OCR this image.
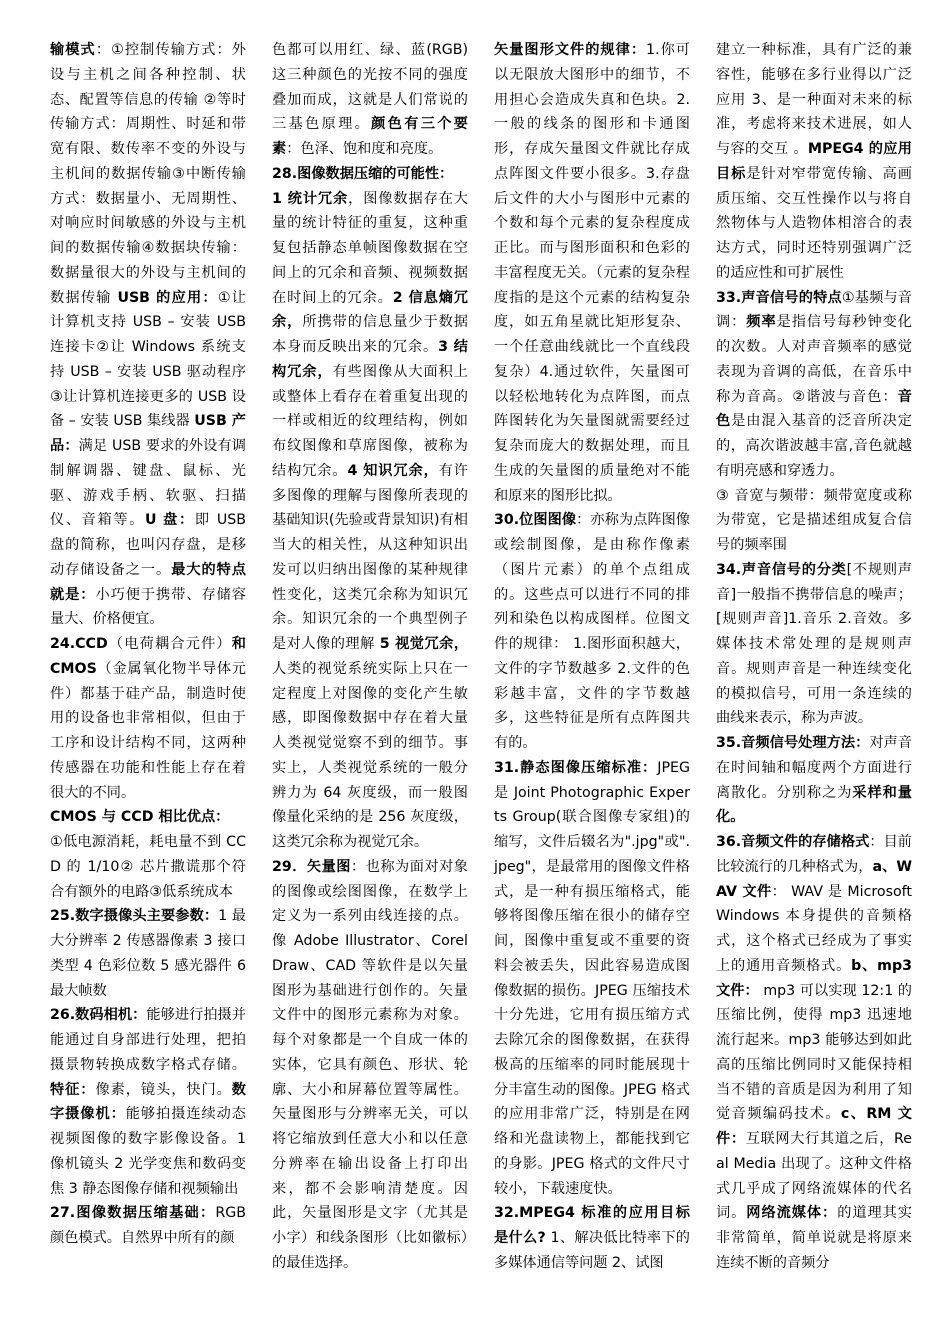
输模式：①控制传输方式：外设与主机之间各种控制、状态、配置等信息的传输 ②等时传输方式：周期性、时延和带宽有限、数传率不变的外设与主机间的数据传输③中断传输方式：数据量小、无周期性、对响应时间敏感的外设与主机间的数据传输④数据块传输：数据量很大的外设与主机间的数据传输 USB 的应用：①让计算机支持 USB – 安装 USB 连接卡②让 Windows 系统支持 USB – 安装 USB 驱动程序③让计算机连接更多的 USB 设备 – 安装 USB 集线器 USB 产品：满足 USB 要求的外设有调制解调器、键盘、鼠标、光驱、游戏手柄、软驱、扫描仪、音箱等。U 盘：即 USB 盘的简称，也叫闪存盘，是移动存储设备之一。最大的特点就是：小巧便于携带、存储容量大、价格便宜。
24.CCD（电荷耦合元件）和 CMOS（金属氧化物半导体元件）都基于硅产品，制造时使用的设备也非常相似，但由于工序和设计结构不同，这两种传感器在功能和性能上存在着很大的不同。
CMOS 与 CCD 相比优点：
①低电源消耗，耗电量不到 CCD 的 1/10② 芯片撒谎那个符合有额外的电路③低系统成本
25.数字摄像头主要参数：1 最大分辨率 2 传感器像素 3 接口类型 4 色彩位数 5 感光器件 6 最大帧数
26.数码相机：能够进行拍摄并能通过自身部进行处理，把拍摄景物转换成数字格式存储。特征：像素，镜头，快门。数字摄像机：能够拍摄连续动态视频图像的数字影像设备。1 像机镜头 2 光学变焦和数码变焦 3 静态图像存储和视频输出
27.图像数据压缩基础：RGB 颜色模式。自然界中所有的颜
色都可以用红、绿、蓝(RGB)这三种颜色的光按不同的强度叠加而成，这就是人们常说的三基色原理。颜色有三个要素：色泽、饱和度和亮度。
28.图像数据压缩的可能性：
1 统计冗余，图像数据存在大量的统计特征的重复，这种重复包括静态单帧图像数据在空间上的冗余和音频、视频数据在时间上的冗余。2 信息熵冗余，所携带的信息量少于数据本身而反映出来的冗余。3 结构冗余，有些图像从大面积上或整体上看存在着重复出现的一样或相近的纹理结构，例如布纹图像和草席图像，被称为结构冗余。4 知识冗余，有许多图像的理解与图像所表现的基础知识(先验或背景知识)有相当大的相关性，从这种知识出发可以归纳出图像的某种规律性变化，这类冗余称为知识冗余。知识冗余的一个典型例子是对人像的理解 5 视觉冗余，人类的视觉系统实际上只在一定程度上对图像的变化产生敏感，即图像数据中存在着大量人类视觉觉察不到的细节。事实上，人类视觉系统的一般分辨力为 64 灰度级，而一般图像量化采纳的是 256 灰度级，这类冗余称为视觉冗余。
29．矢量图：也称为面对对象的图像或绘图图像，在数学上定义为一系列由线连接的点。像 Adobe Illustrator、CorelDraw、CAD 等软件是以矢量图形为基础进行创作的。矢量文件中的图形元素称为对象。每个对象都是一个自成一体的实体，它具有颜色、形状、轮廓、大小和屏幕位置等属性。矢量图形与分辨率无关，可以将它缩放到任意大小和以任意分辨率在输出设备上打印出来，都不会影响清楚度。因此，矢量图形是文字（尤其是小字）和线条图形（比如徽标）的最佳选择。
矢量图形文件的规律：1.你可以无限放大图形中的细节，不用担心会造成失真和色块。2.一般的线条的图形和卡通图形，存成矢量图文件就比存成点阵图文件要小很多。3.存盘后文件的大小与图形中元素的个数和每个元素的复杂程度成正比。而与图形面积和色彩的丰富程度无关。（元素的复杂程度指的是这个元素的结构复杂度，如五角星就比矩形复杂、一个任意曲线就比一个直线段复杂）4.通过软件，矢量图可以轻松地转化为点阵图，而点阵图转化为矢量图就需要经过复杂而庞大的数据处理，而且生成的矢量图的质量绝对不能和原来的图形比拟。
30.位图图像：亦称为点阵图像或绘制图像，是由称作像素（图片元素）的单个点组成的。这些点可以进行不同的排列和染色以构成图样。位图文件的规律： 1.图形面积越大，文件的字节数越多 2.文件的色彩越丰富，文件的字节数越多，这些特征是所有点阵图共有的。
31.静态图像压缩标准：JPEG 是 Joint Photographic Experts Group(联合图像专家组)的缩写，文件后辍名为".jpg"或".jpeg"，是最常用的图像文件格式，是一种有损压缩格式，能够将图像压缩在很小的储存空间，图像中重复或不重要的资料会被丢失，因此容易造成图像数据的损伤。JPEG 压缩技术十分先进，它用有损压缩方式去除冗余的图像数据，在获得极高的压缩率的同时能展现十分丰富生动的图像。JPEG 格式的应用非常广泛，特别是在网络和光盘读物上，都能找到它的身影。JPEG 格式的文件尺寸较小，下载速度快。
32.MPEG4 标准的应用目标是什么? 1、解决低比特率下的多媒体通信等问题 2、试图
建立一种标准，具有广泛的兼容性，能够在多行业得以广泛应用 3、是一种面对未来的标准，考虑将来技术进展，如人与容的交互 。MPEG4 的应用目标是针对窄带宽传输、高画质压缩、交互性操作以与将自然物体与人造物体相溶合的表达方式，同时还特别强调广泛的适应性和可扩展性
33.声音信号的特点①基频与音调：频率是指信号每秒钟变化的次数。人对声音频率的感觉表现为音调的高低，在音乐中称为音高。②谐波与音色：音色是由混入基音的泛音所决定的，高次谐波越丰富,音色就越有明亮感和穿透力。
③ 音宽与频带：频带宽度或称为带宽，它是描述组成复合信号的频率围
34.声音信号的分类[不规则声音]一般指不携带信息的噪声；[规则声音]1.音乐 2.音效。多媒体技术常处理的是规则声音。规则声音是一种连续变化的模拟信号，可用一条连续的曲线来表示，称为声波。
35.音频信号处理方法：对声音在时间轴和幅度两个方面进行离散化。分别称之为采样和量化。
36.音频文件的存储格式：目前比较流行的几种格式为，a、WAV 文件： WAV 是 Microsoft Windows 本身提供的音频格式，这个格式已经成为了事实上的通用音频格式。b、mp3 文件： mp3 可以实现 12:1 的压缩比例，使得 mp3 迅速地流行起来。mp3 能够达到如此高的压缩比例同时又能保持相当不错的音质是因为利用了知觉音频编码技术。c、RM 文件：互联网大行其道之后，Real Media 出现了。这种文件格式几乎成了网络流媒体的代名词。网络流媒体：的道理其实非常简单，简单说就是将原来连续不断的音频分
